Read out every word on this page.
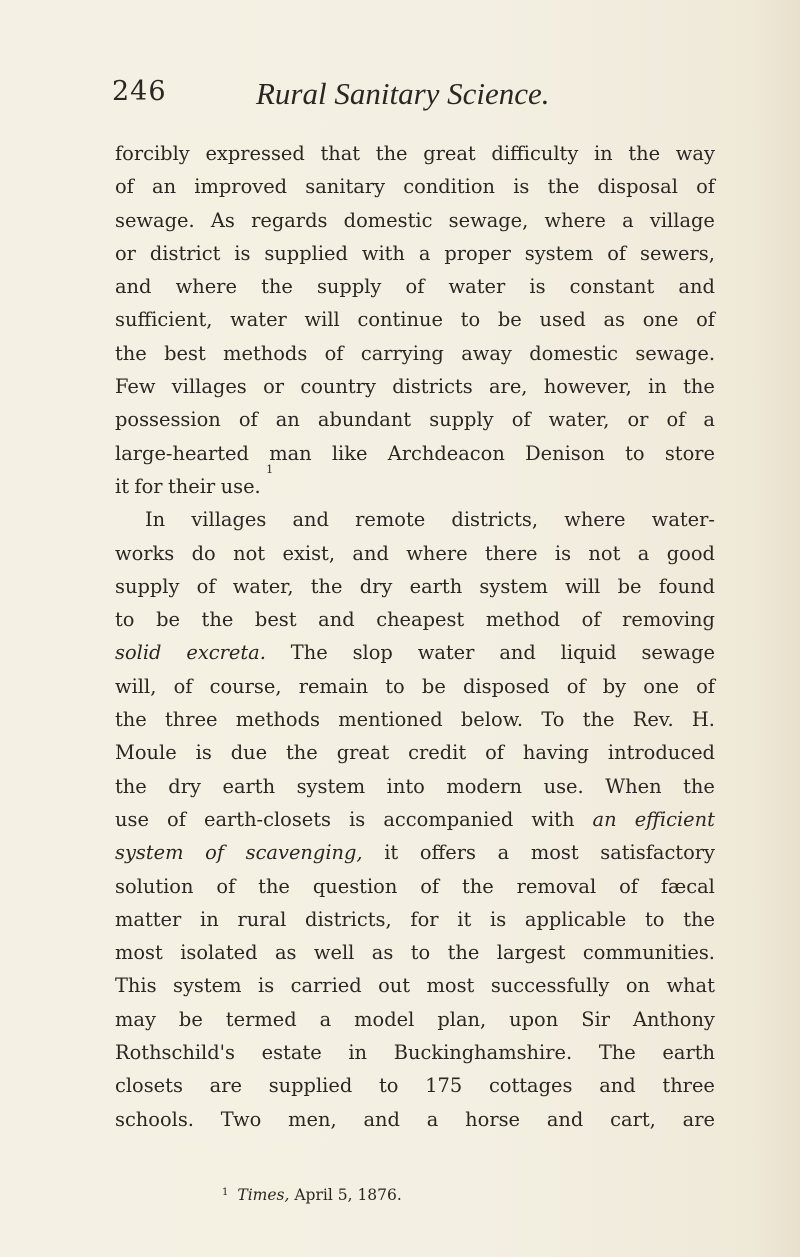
246	Rural Sanitary Science.
forcibly expressed that the great difficulty in the way
of an improved sanitary condition is the disposal of
sewage. As regards domestic sewage, where a village
or district is supplied with a proper system of sewers,
and where the supply of water is constant and
sufficient, water will continue to be used as one of
the best methods of carrying away domestic sewage.
Few villages or country districts are, however, in the
possession of an abundant supply of water, or of a
large-hearted man like Archdeacon Denison to store
it for their use.
1
In villages and remote districts, where water-
works do not exist, and where there is not a good
supply of water, the dry earth system will be found
to be the best and cheapest method of removing
solid excreta. The slop water and liquid sewage
will, of course, remain to be disposed of by one of
the three methods mentioned below. To the Rev. H.
Moule is due the great credit of having introduced
the dry earth system into modern use. When the
use of earth-closets is accompanied with an efficient
system of scavenging, it offers a most satisfactory
solution of the question of the removal of fæcal
matter in rural districts, for it is applicable to the
most isolated as well as to the largest communities.
This system is carried out most successfully on what
may be termed a model plan, upon Sir Anthony
Rothschild's estate in Buckinghamshire. The earth
closets are supplied to 175 cottages and three
schools. Two men, and a horse and cart, are
$^1$ Times, April 5, 1876.
